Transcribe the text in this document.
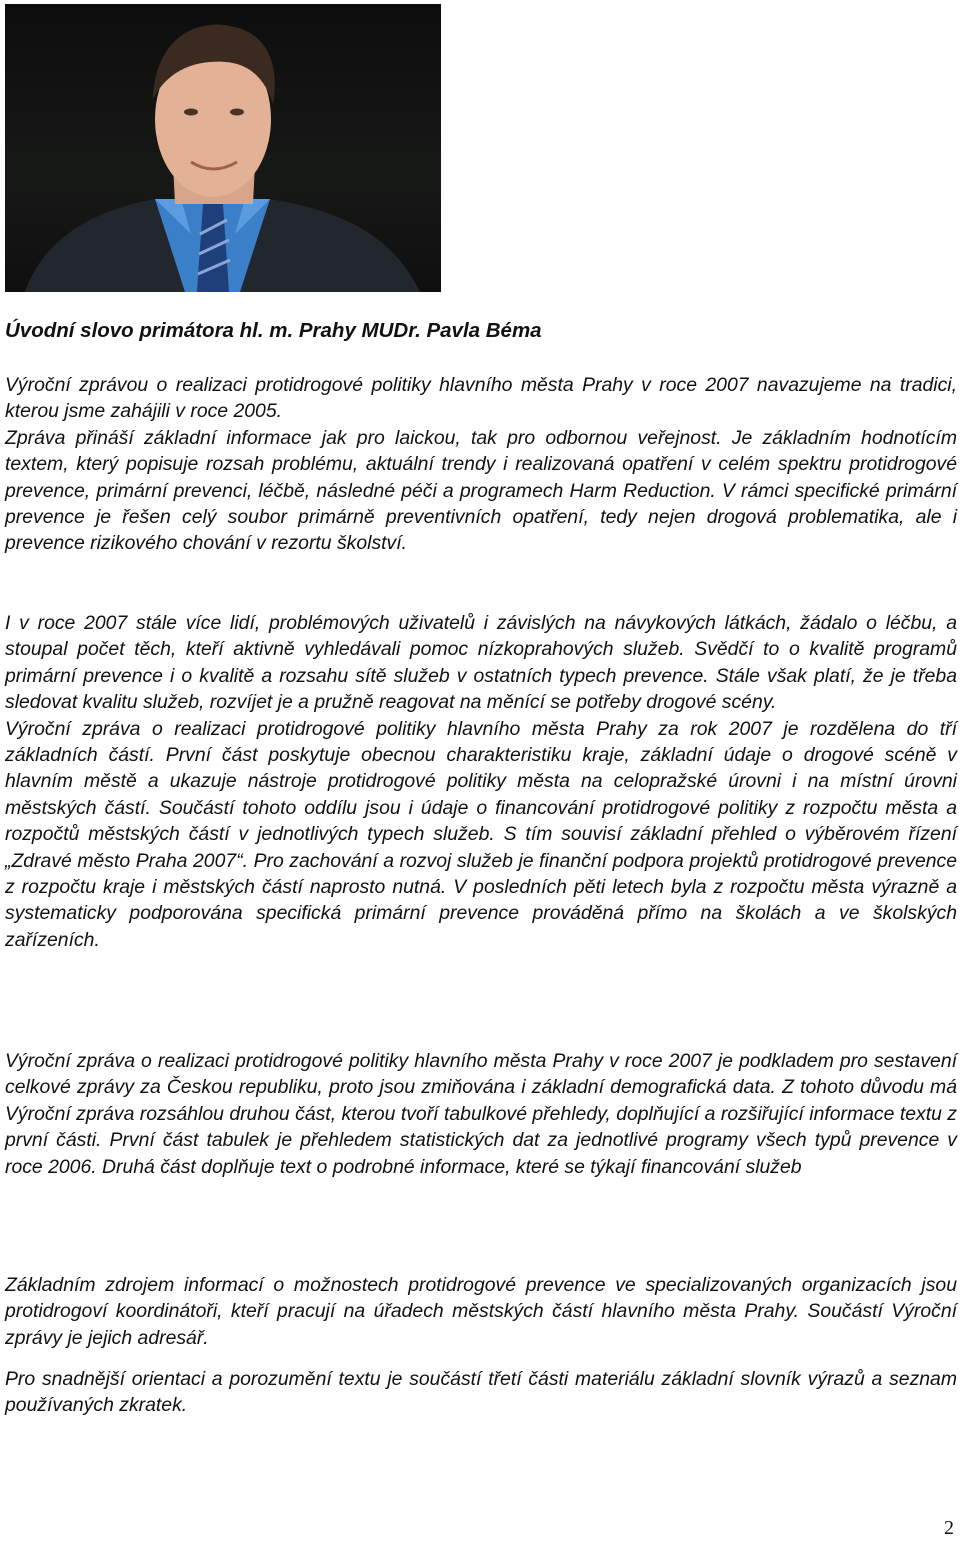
Úvodní slovo primátora hl. m. Prahy MUDr. Pavla Béma

Výroční zprávou o realizaci protidrogové politiky hlavního města Prahy v roce 2007 navazujeme na tradici, kterou jsme zahájili v roce 2005.
Zpráva přináší základní informace jak pro laickou, tak pro odbornou veřejnost. Je základním hodnotícím textem, který popisuje rozsah problému, aktuální trendy i realizovaná opatření v celém spektru protidrogové prevence, primární prevenci, léčbě, následné péči a programech Harm Reduction. V rámci specifické primární prevence je řešen celý soubor primárně preventivních opatření, tedy nejen drogová problematika, ale i prevence rizikového chování v rezortu školství.

I v roce 2007 stále více lidí, problémových uživatelů i závislých na návykových látkách, žádalo o léčbu, a stoupal počet těch, kteří aktivně vyhledávali pomoc nízkoprahových služeb. Svědčí to o kvalitě programů primární prevence i o kvalitě a rozsahu sítě služeb v ostatních typech prevence. Stále však platí, že je třeba sledovat kvalitu služeb, rozvíjet je a pružně reagovat na měnící se potřeby drogové scény.
Výroční zpráva o realizaci protidrogové politiky hlavního města Prahy za rok 2007 je rozdělena do tří základních částí. První část poskytuje obecnou charakteristiku kraje, základní údaje o drogové scéně v hlavním městě a ukazuje nástroje protidrogové politiky města na celopražské úrovni i na místní úrovni městských částí. Součástí tohoto oddílu jsou i údaje o financování protidrogové politiky z rozpočtu města a rozpočtů městských částí v jednotlivých typech služeb. S tím souvisí základní přehled o výběrovém řízení „Zdravé město Praha 2007“. Pro zachování a rozvoj služeb je finanční podpora projektů protidrogové prevence z rozpočtu kraje i městských částí naprosto nutná. V posledních pěti letech byla z rozpočtu města výrazně a systematicky podporována specifická primární prevence prováděná přímo na školách a ve školských zařízeních.

Výroční zpráva o realizaci protidrogové politiky hlavního města Prahy v roce 2007 je podkladem pro sestavení celkové zprávy za Českou republiku, proto jsou zmiňována i základní demografická data. Z tohoto důvodu má Výroční zpráva rozsáhlou druhou část, kterou tvoří tabulkové přehledy, doplňující a rozšiřující informace textu z první části. První část tabulek je přehledem statistických dat za jednotlivé programy všech typů prevence v roce 2006. Druhá část doplňuje text o podrobné informace, které se týkají financování služeb

Základním zdrojem informací o možnostech protidrogové prevence ve specializovaných organizacích jsou protidrogoví koordinátoři, kteří pracují na úřadech městských částí hlavního města Prahy. Součástí Výroční zprávy je jejich adresář.

Pro snadnější orientaci a porozumění textu je součástí třetí části materiálu základní slovník výrazů a seznam používaných zkratek.

2
